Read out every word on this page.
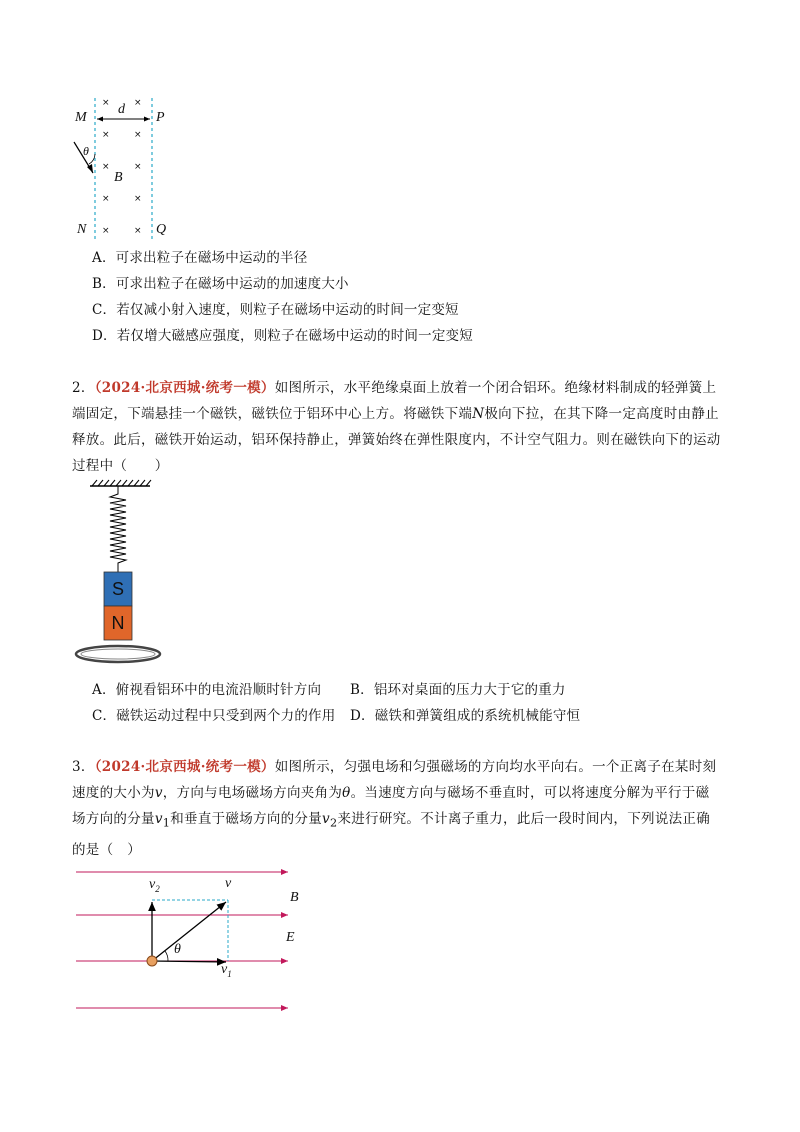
M	P
N	Q
d
B
θ
×	×
×	×
×	×
×	×
×	×
A．可求出粒子在磁场中运动的半径
B．可求出粒子在磁场中运动的加速度大小
C．若仅减小射入速度，则粒子在磁场中运动的时间一定变短
D．若仅增大磁感应强度，则粒子在磁场中运动的时间一定变短
2．（2024·北京西城·统考一模）如图所示，水平绝缘桌面上放着一个闭合铝环。绝缘材料制成的轻弹簧上端固定，下端悬挂一个磁铁，磁铁位于铝环中心上方。将磁铁下端N极向下拉，在其下降一定高度时由静止释放。此后，磁铁开始运动，铝环保持静止，弹簧始终在弹性限度内，不计空气阻力。则在磁铁向下的运动过程中（　　）
S
N
A．俯视看铝环中的电流沿顺时针方向 B．铝环对桌面的压力大于它的重力
C．磁铁运动过程中只受到两个力的作用 D．磁铁和弹簧组成的系统机械能守恒
3．（2024·北京西城·统考一模）如图所示，匀强电场和匀强磁场的方向均水平向右。一个正离子在某时刻速度的大小为v，方向与电场磁场方向夹角为θ。当速度方向与磁场不垂直时，可以将速度分解为平行于磁场方向的分量$v_1$和垂直于磁场方向的分量$v_2$来进行研究。不计离子重力，此后一段时间内，下列说法正确的是（　）
$v_2$	v
B
E
θ
$v_1$
